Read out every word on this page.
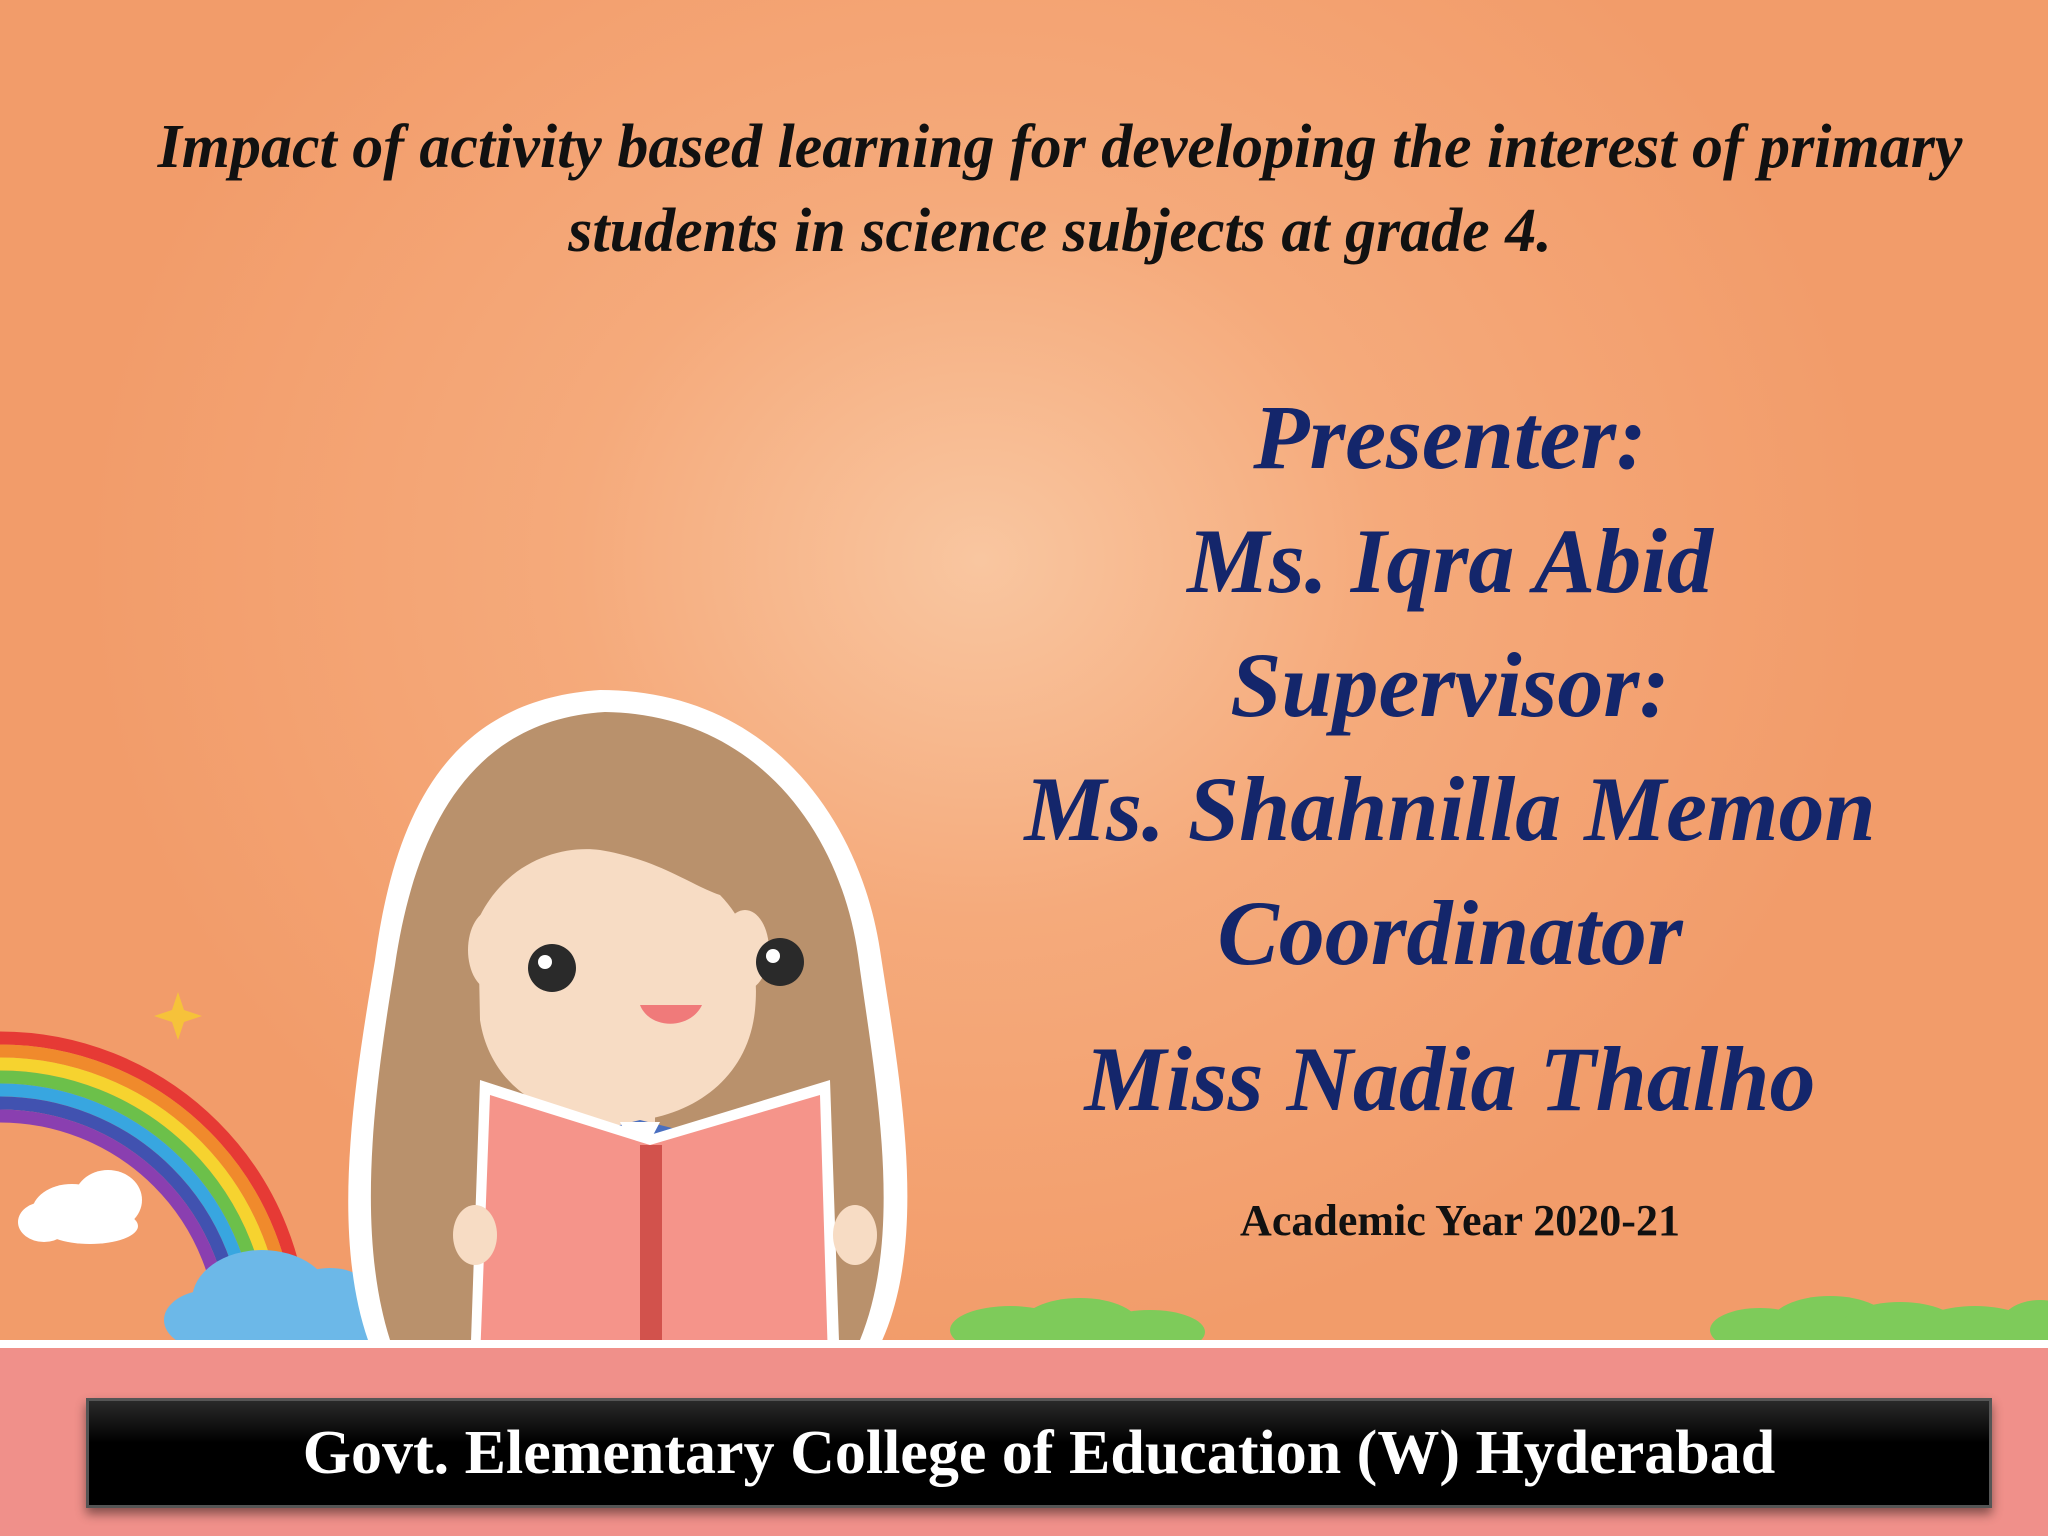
Impact of activity based learning for developing the interest of primary students in science subjects at grade 4.
Presenter:
Ms. Iqra Abid
Supervisor:
Ms. Shahnilla Memon
Coordinator
Miss Nadia Thalho
Academic Year 2020-21
Govt. Elementary College of Education (W) Hyderabad
